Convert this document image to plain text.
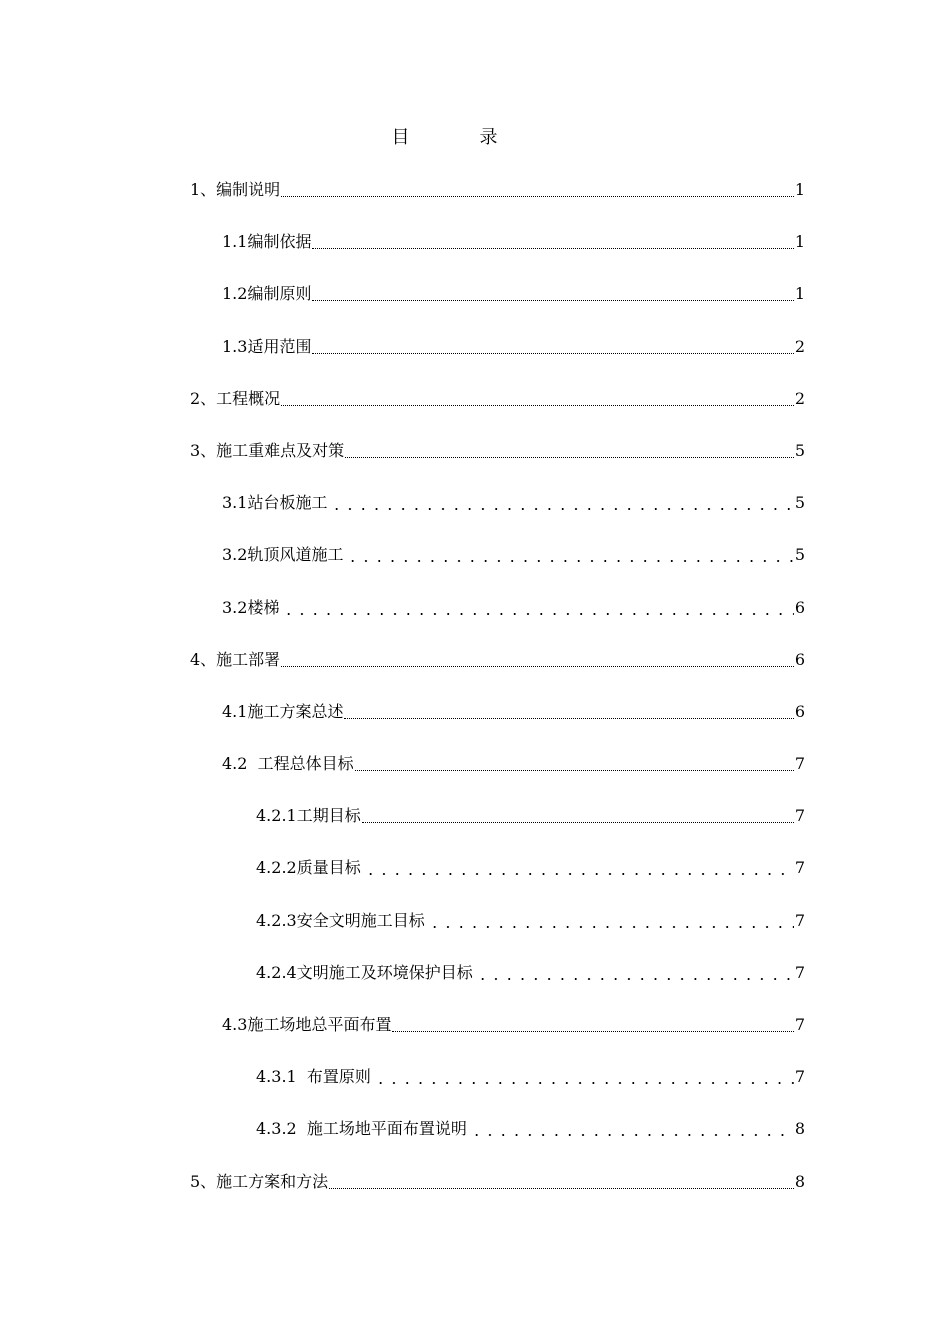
目　录
1、编制说明	1
1.1编制依据	1
1.2编制原则	1
1.3适用范围	2
2、工程概况	2
3、施工重难点及对策	5
3.1站台板施工	5
3.2轨顶风道施工	5
3.2楼梯	6
4、施工部署	6
4.1施工方案总述	6
4.2  工程总体目标	7
4.2.1工期目标	7
4.2.2质量目标	7
4.2.3安全文明施工目标	7
4.2.4文明施工及环境保护目标	7
4.3施工场地总平面布置	7
4.3.1  布置原则	7
4.3.2  施工场地平面布置说明	8
5、施工方案和方法	8
